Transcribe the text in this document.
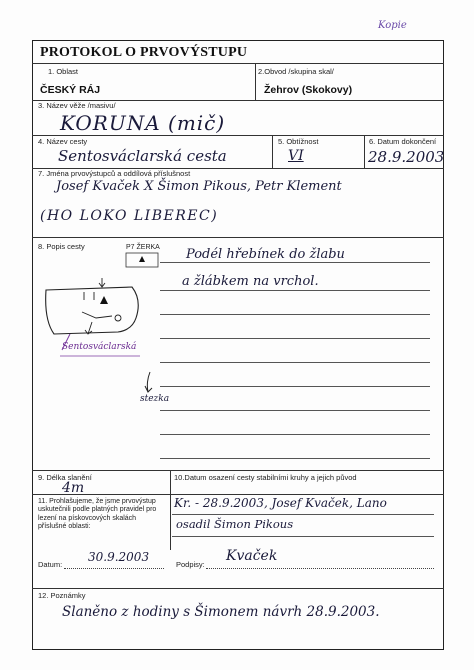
Kopie
PROTOKOL O PRVOVÝSTUPU
1. Oblast
ČESKÝ RÁJ
2.Obvod /skupina skal/
Žehrov (Skokovy)
3. Název věže /masivu/
KORUNA (mič)
4. Název cesty
Sentosváclarská cesta
5. Obtížnost
VI
6. Datum dokončení
28.9.2003
7. Jména prvovýstupců a oddílová příslušnost
Josef Kvaček X Šimon Pikous, Petr Klement
(HO LOKO LIBEREC)
8. Popis cesty	P7 ŽERKA Podél hřebínek do žlabu
a žlábkem na vrchol.
Sentosváclarská
stezka
9. Délka slanění
4m
10.Datum osazení cesty stabilními kruhy a jejich původ
11. Prohlašujeme, že jsme prvovýstup uskutečnili podle platných pravidel pro lezení na pískovcových skalách příslušné oblasti:
Kr. - 28.9.2003, Josef Kvaček, Lano
osadil Šimon Pikous
Datum:
30.9.2003
Podpisy:
Kvaček
12. Poznámky
Slaněno z hodiny s Šimonem návrh 28.9.2003.
